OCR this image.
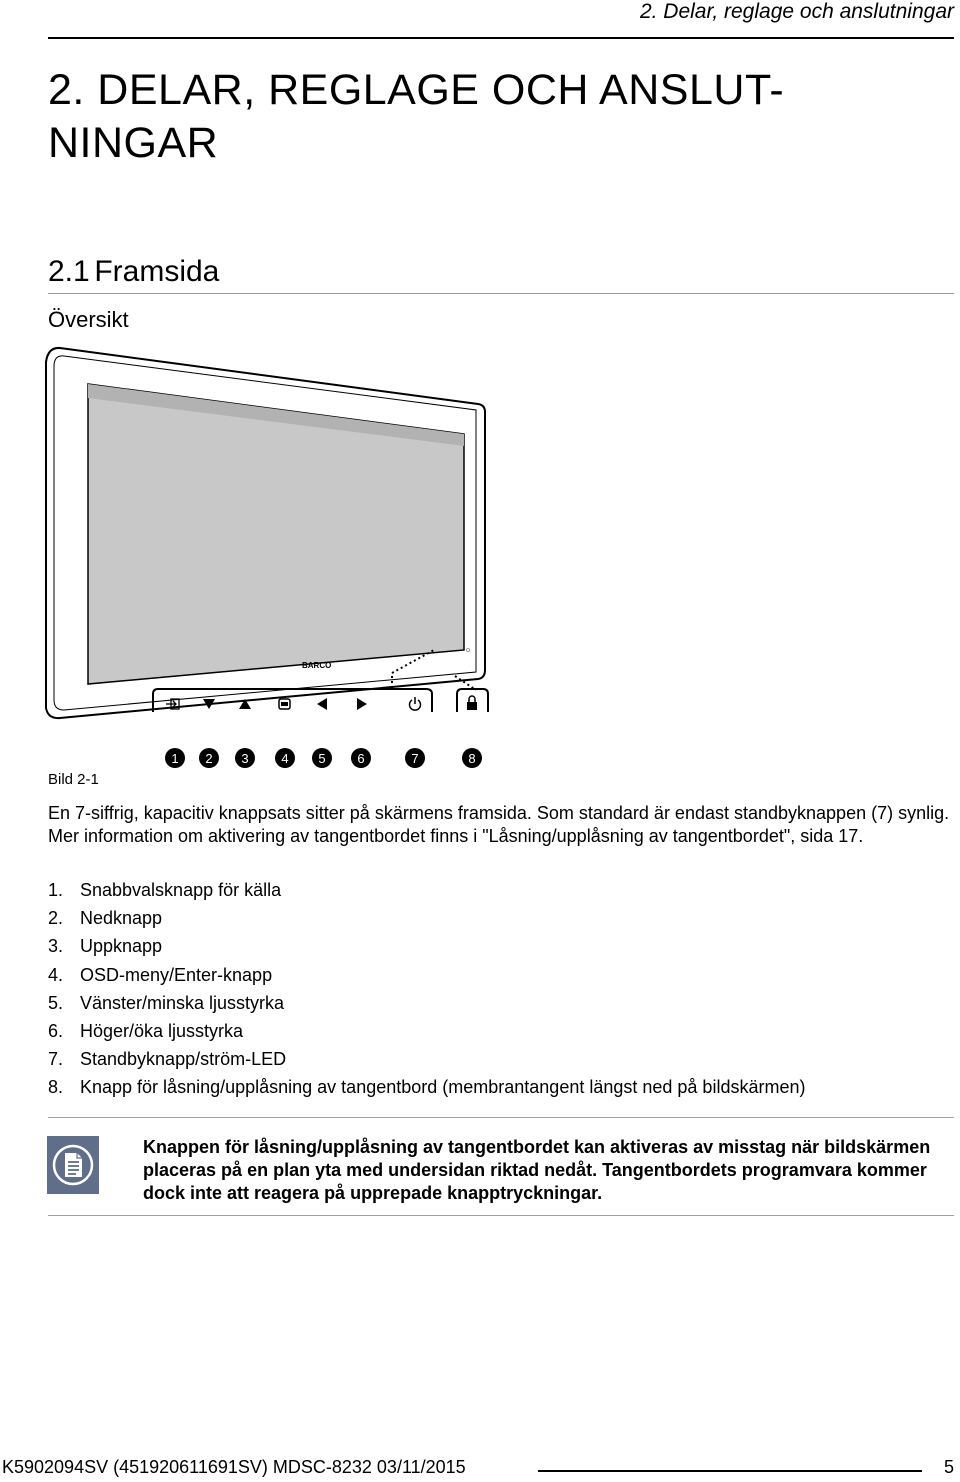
2. Delar, reglage och anslutningar
2. DELAR, REGLAGE OCH ANSLUT-
NINGAR
2.1 Framsida
Översikt
BARCO
1 2 3	4 5 6	7	8
Bild 2-1
En 7-siffrig, kapacitiv knappsats sitter på skärmens framsida. Som standard är endast standbyknappen (7) synlig. Mer information om aktivering av tangentbordet finns i "Låsning/upplåsning av tangentbordet", sida 17.
1. Snabbvalsknapp för källa
2. Nedknapp
3. Uppknapp
4. OSD-meny/Enter-knapp
5. Vänster/minska ljusstyrka
6. Höger/öka ljusstyrka
7. Standbyknapp/ström-LED
8. Knapp för låsning/upplåsning av tangentbord (membrantangent längst ned på bildskärmen)
Knappen för låsning/upplåsning av tangentbordet kan aktiveras av misstag när bildskärmen placeras på en plan yta med undersidan riktad nedåt. Tangentbordets programvara kommer dock inte att reagera på upprepade knapptryckningar.
K5902094SV (451920611691SV) MDSC-8232 03/11/2015	5
